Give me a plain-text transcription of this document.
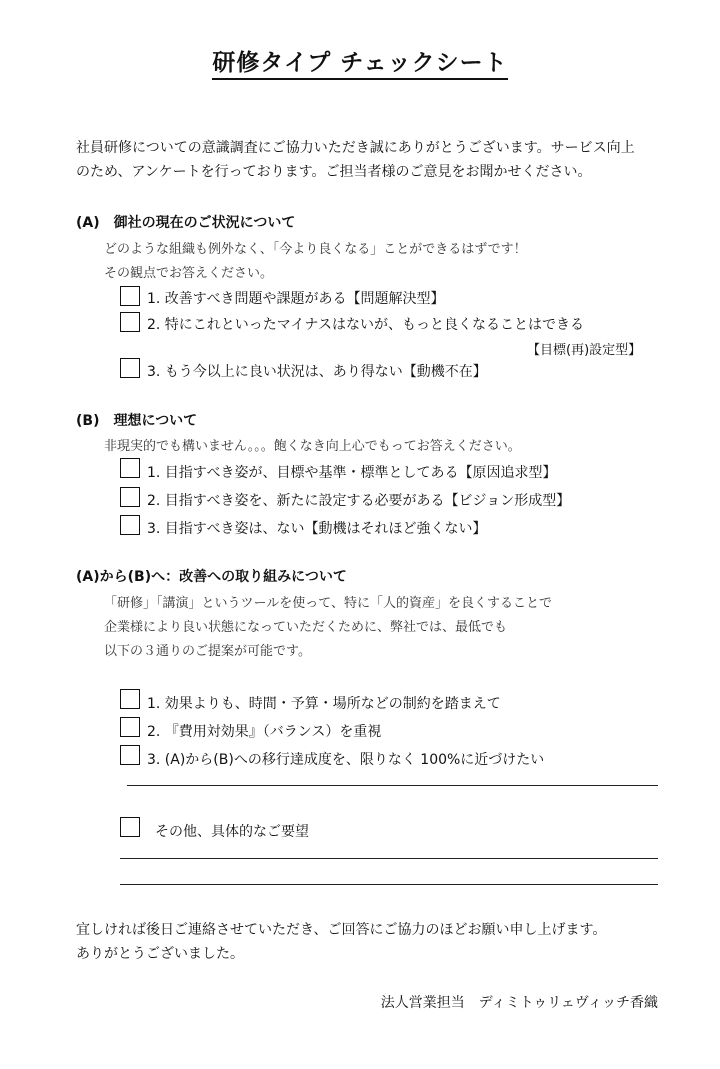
研修タイプ チェックシート
社員研修についての意識調査にご協力いただき誠にありがとうございます。サービス向上
のため、アンケートを行っております。ご担当者様のご意見をお聞かせください。
(A)　御社の現在のご状況について
どのような組織も例外なく、「今より良くなる」ことができるはずです！
その観点でお答えください。
1. 改善すべき問題や課題がある【問題解決型】
2. 特にこれといったマイナスはないが、もっと良くなることはできる
【目標(再)設定型】
3. もう今以上に良い状況は、あり得ない【動機不在】
(B)　理想について
非現実的でも構いません。。。飽くなき向上心でもってお答えください。
1. 目指すべき姿が、目標や基準・標準としてある【原因追求型】
2. 目指すべき姿を、新たに設定する必要がある【ビジョン形成型】
3. 目指すべき姿は、ない【動機はそれほど強くない】
(A)から(B)へ：改善への取り組みについて
「研修」「講演」というツールを使って、特に「人的資産」を良くすることで
企業様により良い状態になっていただくために、弊社では、最低でも
以下の３通りのご提案が可能です。
1. 効果よりも、時間・予算・場所などの制約を踏まえて
2. 『費用対効果』（バランス）を重視
3. (A)から(B)への移行達成度を、限りなく 100%に近づけたい
その他、具体的なご要望
宜しければ後日ご連絡させていただき、ご回答にご協力のほどお願い申し上げます。
ありがとうございました。
法人営業担当　ディミトゥリェヴィッチ香織
